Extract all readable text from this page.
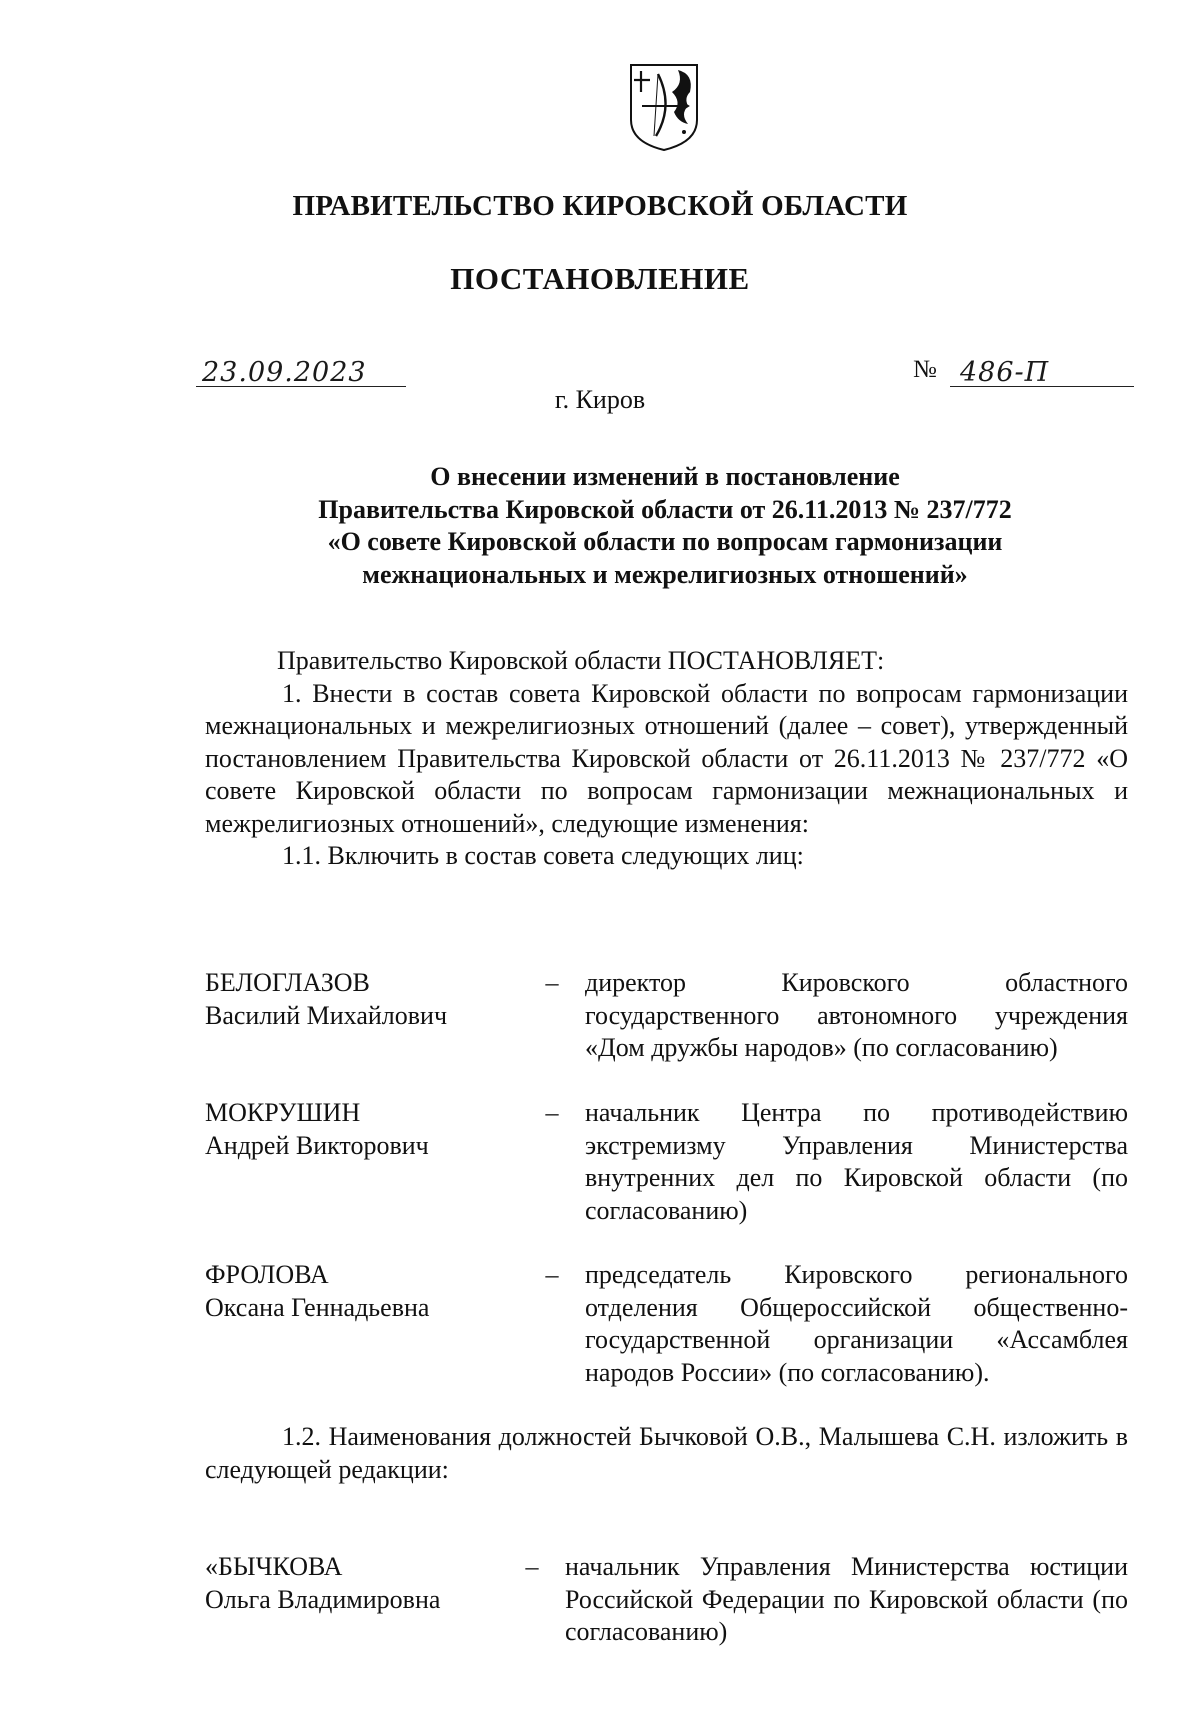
ПРАВИТЕЛЬСТВО КИРОВСКОЙ ОБЛАСТИ
ПОСТАНОВЛЕНИЕ
23.09.2023	№ 486-П
г. Киров
О внесении изменений в постановление
Правительства Кировской области от 26.11.2013 № 237/772
«О совете Кировской области по вопросам гармонизации
межнациональных и межрелигиозных отношений»

Правительство Кировской области ПОСТАНОВЛЯЕТ:

1. Внести в состав совета Кировской области по вопросам гармонизации межнациональных и межрелигиозных отношений (далее – совет), утвержденный постановлением Правительства Кировской области от 26.11.2013 № 237/772 «О совете Кировской области по вопросам гармонизации межнациональных и межрелигиозных отношений», следующие изменения:

1.1. Включить в состав совета следующих лиц:

БЕЛОГЛАЗОВ
Василий Михайлович
–	директор Кировского областного государственного автономного учреждения «Дом дружбы народов» (по согласованию)
МОКРУШИН
Андрей Викторович
–	начальник Центра по противодействию экстремизму Управления Министерства внутренних дел по Кировской области (по согласованию)
ФРОЛОВА
Оксана Геннадьевна
–	председатель Кировского регионального отделения Общероссийской общественно-государственной организации «Ассамблея народов России» (по согласованию).

1.2. Наименования должностей Бычковой О.В., Малышева С.Н. изложить в следующей редакции:

«БЫЧКОВА
Ольга Владимировна
–	начальник Управления Министерства юстиции Российской Федерации по Кировской области (по согласованию)
